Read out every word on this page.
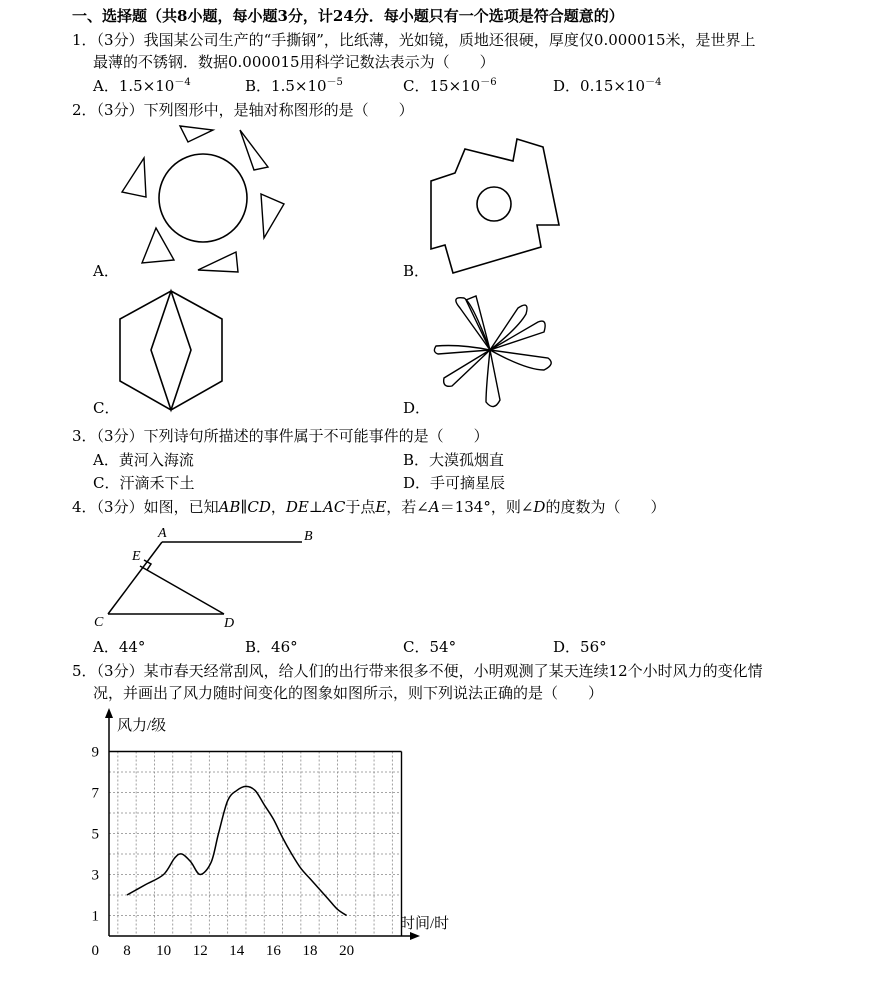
一、选择题（共8小题，每小题3分，计24分．每小题只有一个选项是符合题意的）
1．（3分）我国某公司生产的“手撕钢”，比纸薄，光如镜，质地还很硬，厚度仅0.000015米，是世界上
最薄的不锈钢．数据0.000015用科学记数法表示为（　　）
A．$1.5\times 10^{-4}$	B．$1.5\times 10^{-5}$	C．$15\times 10^{-6}$	D．$0.15\times 10^{-4}$
2．（3分）下列图形中，是轴对称图形的是（　　）
A．	B．
C．	D．
3．（3分）下列诗句所描述的事件属于不可能事件的是（　　）
A．黄河入海流	B．大漠孤烟直
C．汗滴禾下土	D．手可摘星辰
4．（3分）如图，已知AB∥CD，DE⊥AC于点E，若∠A＝134°，则∠D的度数为（　　）
A	B
C	D
E
A．44°	B．46°	C．54°	D．56°
5．（3分）某市春天经常刮风，给人们的出行带来很多不便，小明观测了某天连续12个小时风力的变化情
况，并画出了风力随时间变化的图象如图所示，则下列说法正确的是（　　）
8 10 12 14 16 18 20
1
3
5
7
9
0
风力/级
时间/时
